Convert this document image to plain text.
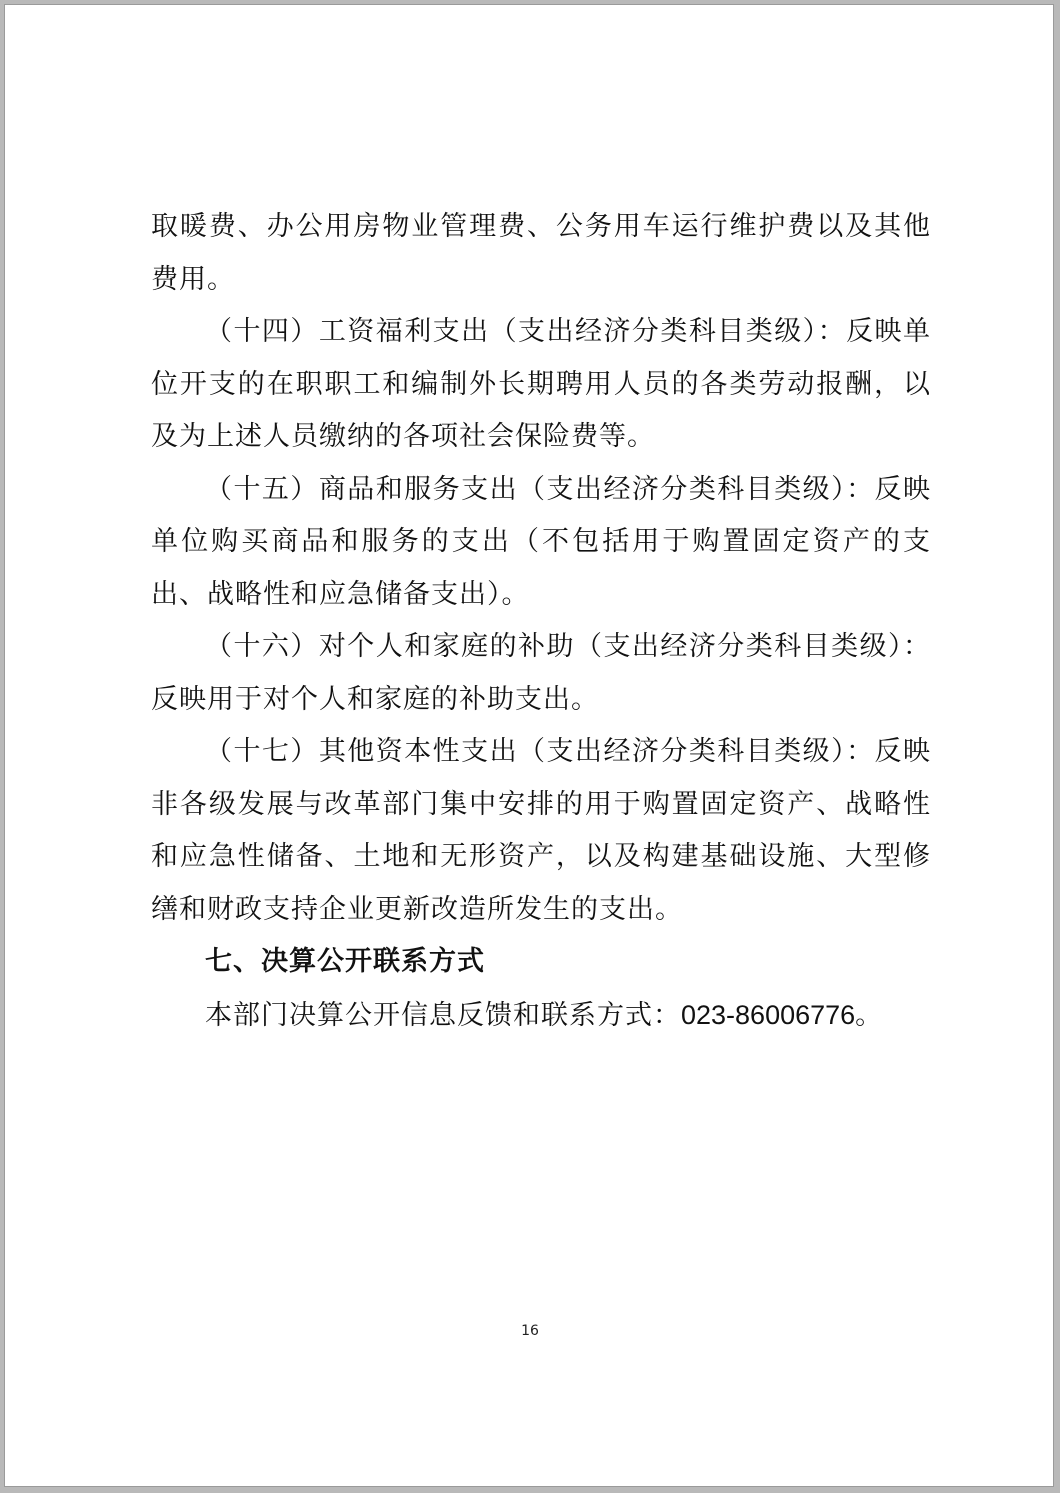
取暖费、办公用房物业管理费、公务用车运行维护费以及其他费用。

（十四）工资福利支出（支出经济分类科目类级）：反映单位开支的在职职工和编制外长期聘用人员的各类劳动报酬，以及为上述人员缴纳的各项社会保险费等。

（十五）商品和服务支出（支出经济分类科目类级）：反映单位购买商品和服务的支出（不包括用于购置固定资产的支出、战略性和应急储备支出）。

（十六）对个人和家庭的补助（支出经济分类科目类级）：反映用于对个人和家庭的补助支出。

（十七）其他资本性支出（支出经济分类科目类级）：反映非各级发展与改革部门集中安排的用于购置固定资产、战略性和应急性储备、土地和无形资产，以及构建基础设施、大型修缮和财政支持企业更新改造所发生的支出。

七、决算公开联系方式

本部门决算公开信息反馈和联系方式：023-86006776。

16
